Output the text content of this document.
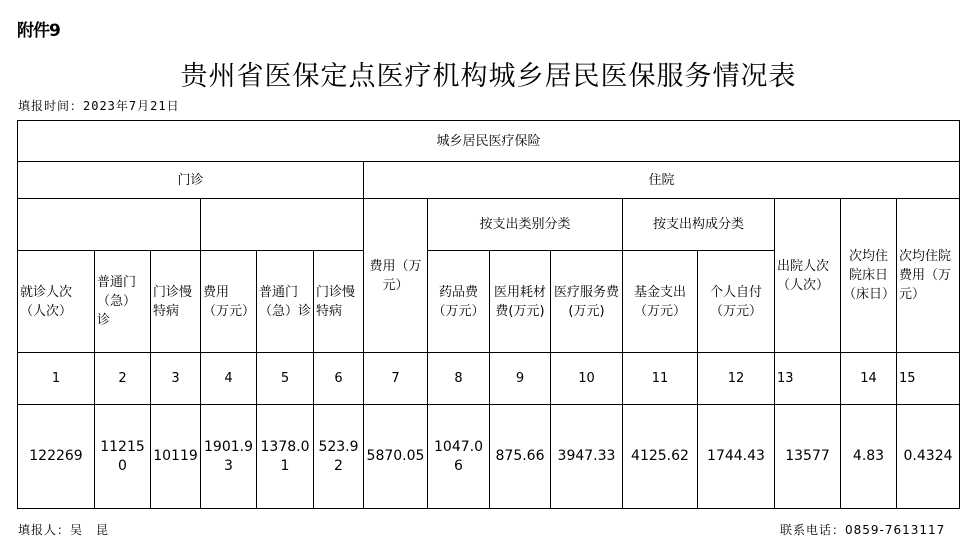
附件9
贵州省医保定点医疗机构城乡居民医保服务情况表
填报时间：2023年7月21日
城乡居民医疗保险														
门诊						住院								
						费用（万元）	按支出类别分类			按支出构成分类		出院人次（人次）	次均住院床日（床日）	次均住院费用（万元）
就诊人次（人次）	普通门（急）诊	门诊慢特病	费用（万元）	普通门（急）诊	门诊慢特病		药品费（万元）	医用耗材费(万元)	医疗服务费(万元)	基金支出（万元）	个人自付（万元）			
1	2	3	4	5	6	7	8	9	10	11	12	13	14	15
122269	112150	10119	1901.93	1378.01	523.92	5870.05	1047.06	875.66	3947.33	4125.62	1744.43	13577	4.83	0.4324
填报人：吴　昆	联系电话：0859-7613117
